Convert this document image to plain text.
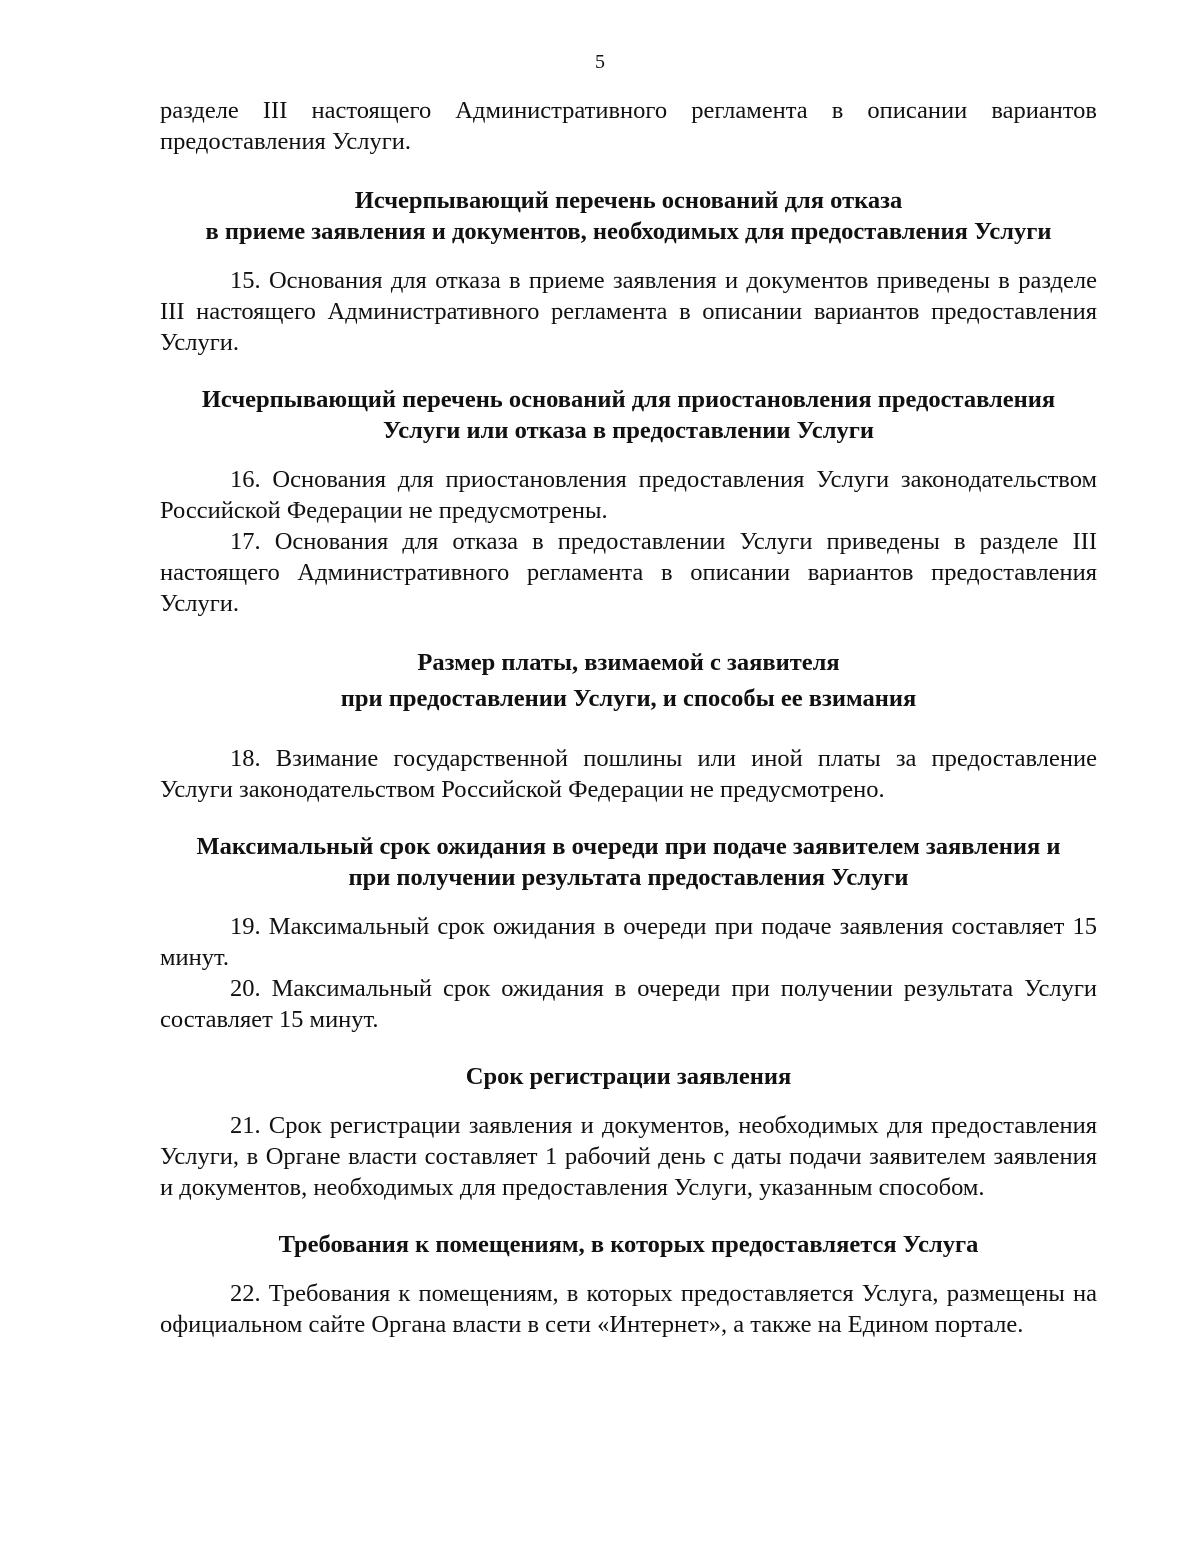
5

разделе III настоящего Административного регламента в описании вариантов предоставления Услуги.

Исчерпывающий перечень оснований для отказа
в приеме заявления и документов, необходимых для предоставления Услуги

15. Основания для отказа в приеме заявления и документов приведены в разделе III настоящего Административного регламента в описании вариантов предоставления Услуги.

Исчерпывающий перечень оснований для приостановления предоставления
Услуги или отказа в предоставлении Услуги

16. Основания для приостановления предоставления Услуги законодательством Российской Федерации не предусмотрены.

17. Основания для отказа в предоставлении Услуги приведены в разделе III настоящего Административного регламента в описании вариантов предоставления Услуги.

Размер платы, взимаемой с заявителя
при предоставлении Услуги, и способы ее взимания

18. Взимание государственной пошлины или иной платы за предоставление Услуги законодательством Российской Федерации не предусмотрено.

Максимальный срок ожидания в очереди при подаче заявителем заявления и
при получении результата предоставления Услуги

19. Максимальный срок ожидания в очереди при подаче заявления составляет 15 минут.

20. Максимальный срок ожидания в очереди при получении результата Услуги составляет 15 минут.

Срок регистрации заявления

21. Срок регистрации заявления и документов, необходимых для предоставления Услуги, в Органе власти составляет 1 рабочий день с даты подачи заявителем заявления и документов, необходимых для предоставления Услуги, указанным способом.

Требования к помещениям, в которых предоставляется Услуга

22. Требования к помещениям, в которых предоставляется Услуга, размещены на официальном сайте Органа власти в сети «Интернет», а также на Едином портале.
